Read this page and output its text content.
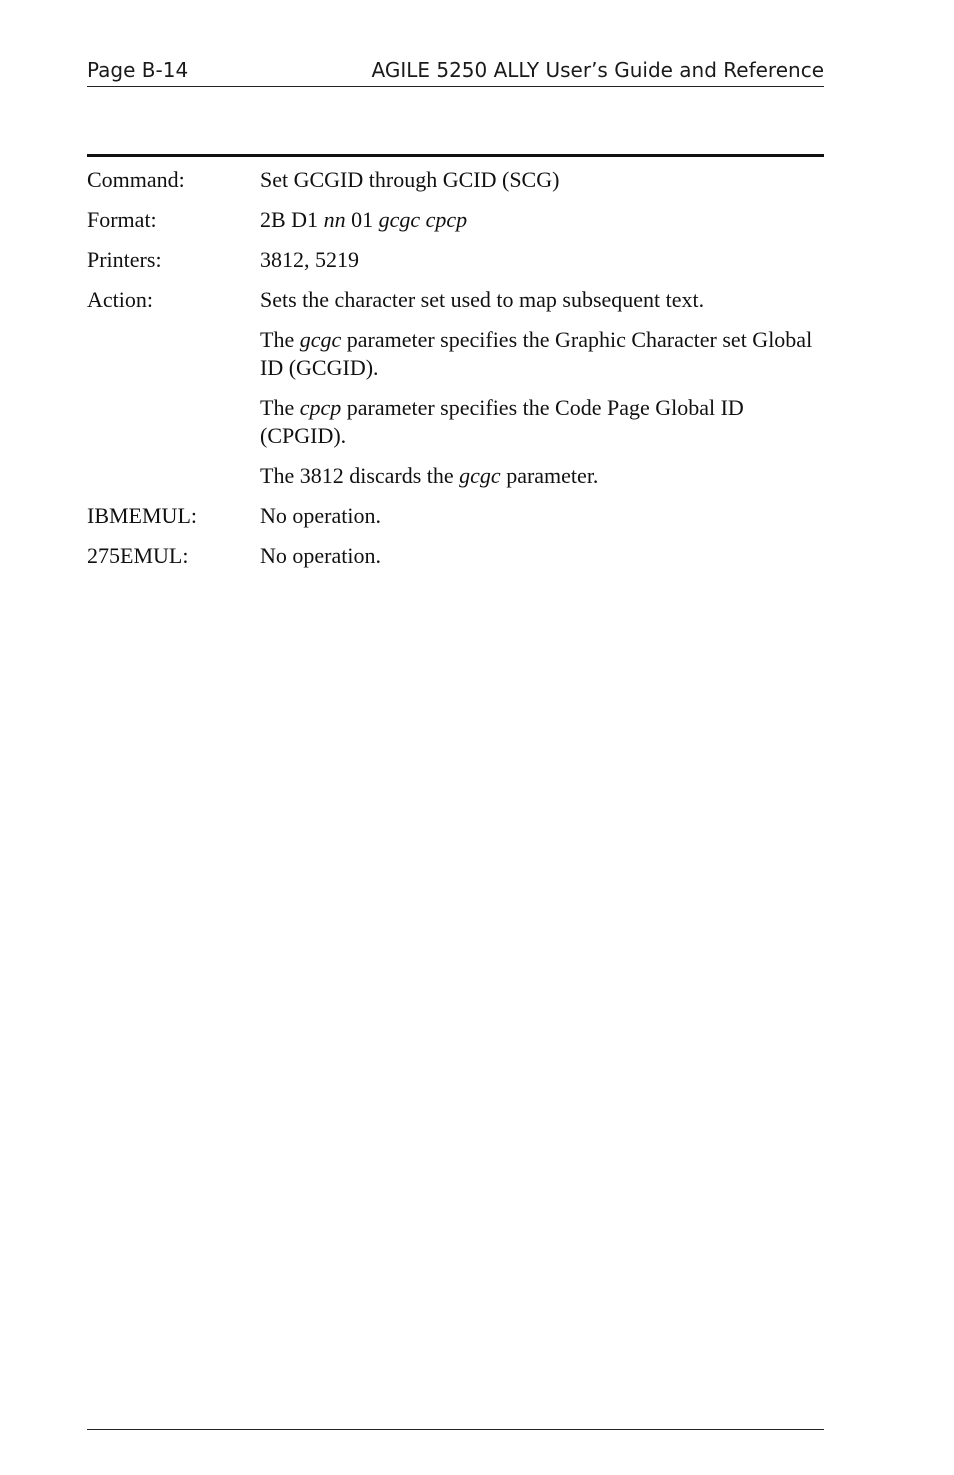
Page B-14	AGILE 5250 ALLY User’s Guide and Reference
Command:	Set GCGID through GCID (SCG)
Format:	2B D1 nn 01 gcgc cpcp
Printers:	3812, 5219
Action:	Sets the character set used to map subsequent text.

The gcgc parameter specifies the Graphic Character set Global ID (GCGID).

The cpcp parameter specifies the Code Page Global ID (CPGID).

The 3812 discards the gcgc parameter.

IBMEMUL:	No operation.
275EMUL:	No operation.
